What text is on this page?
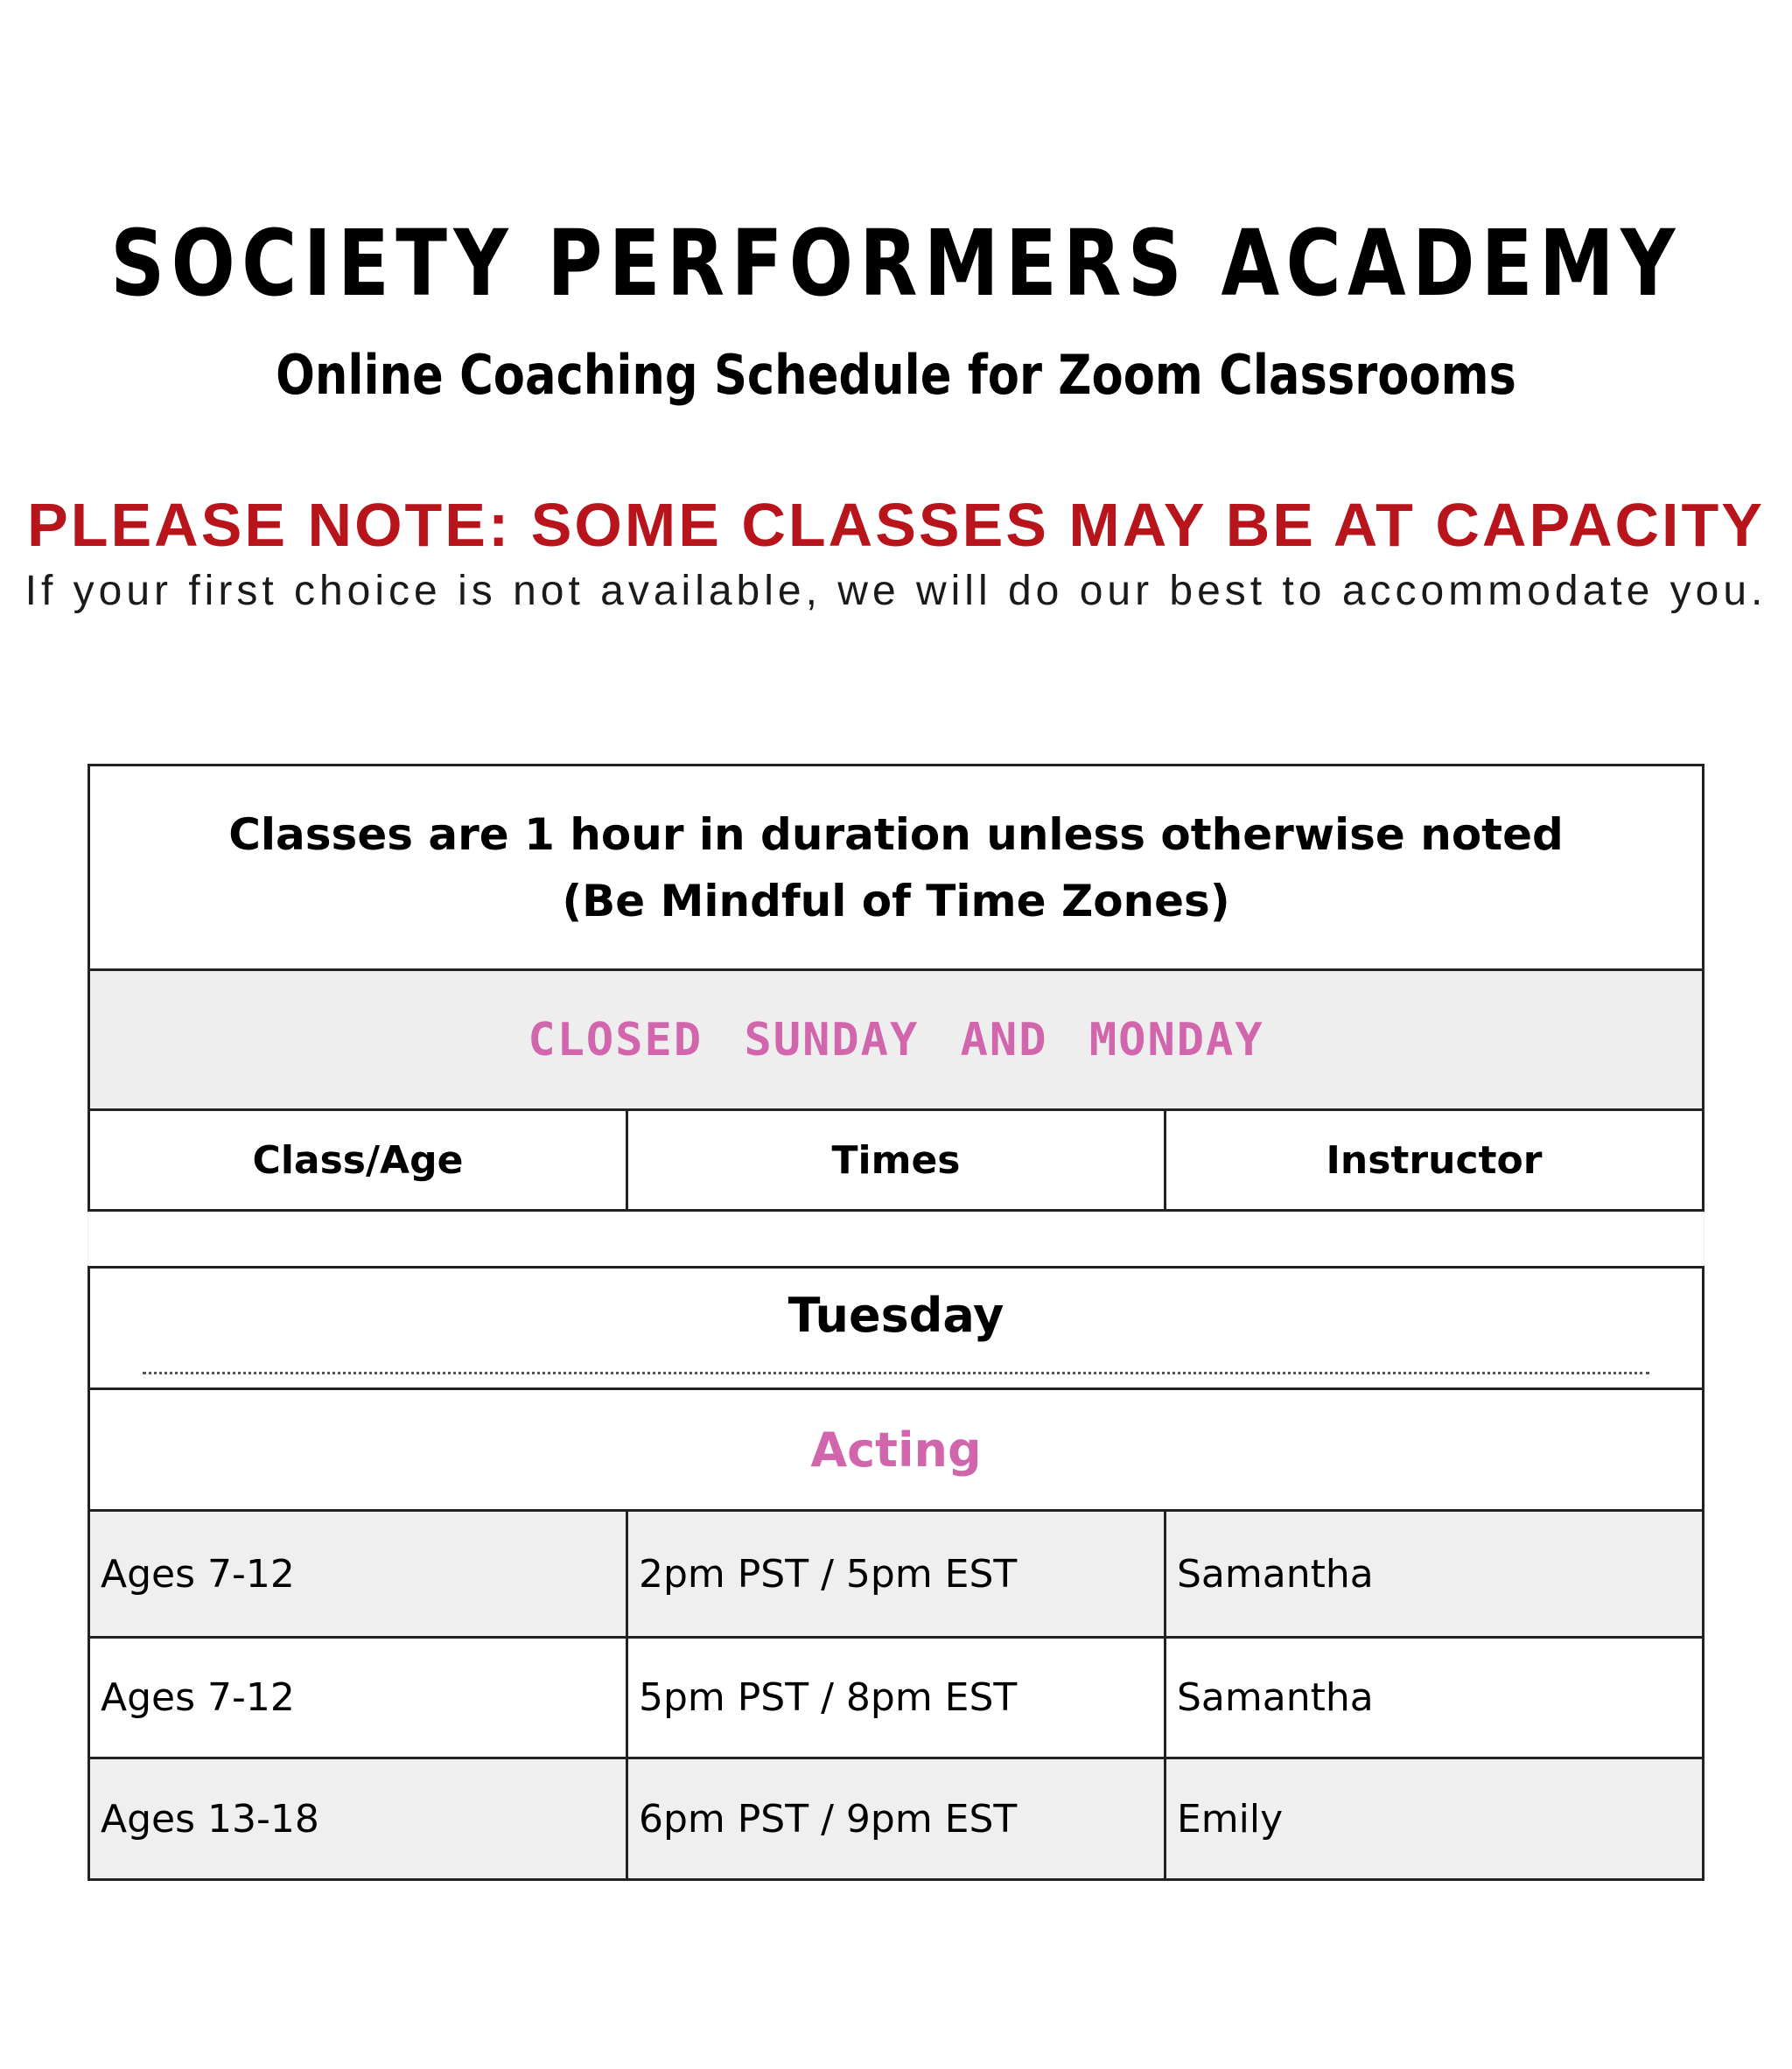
SOCIETY PERFORMERS ACADEMY
Online Coaching Schedule for Zoom Classrooms
PLEASE NOTE: SOME CLASSES MAY BE AT CAPACITY
If your first choice is not available, we will do our best to accommodate you.
Classes are 1 hour in duration unless otherwise noted
(Be Mindful of Time Zones)
CLOSED SUNDAY AND MONDAY
Class/Age	Times	Instructor
Tuesday
Acting
Ages 7-12	2pm PST / 5pm EST	Samantha
Ages 7-12	5pm PST / 8pm EST	Samantha
Ages 13-18	6pm PST / 9pm EST	Emily
